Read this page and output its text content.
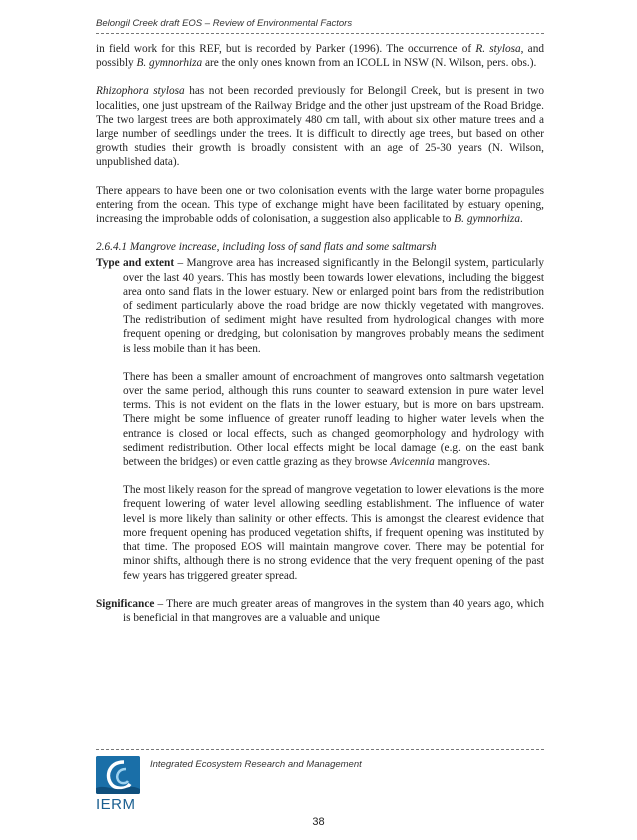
Belongil Creek draft EOS – Review of Environmental Factors

in field work for this REF, but is recorded by Parker (1996). The occurrence of R. stylosa, and possibly B. gymnorhiza are the only ones known from an ICOLL in NSW (N. Wilson, pers. obs.).

Rhizophora stylosa has not been recorded previously for Belongil Creek, but is present in two localities, one just upstream of the Railway Bridge and the other just upstream of the Road Bridge. The two largest trees are both approximately 480 cm tall, with about six other mature trees and a large number of seedlings under the trees. It is difficult to directly age trees, but based on other growth studies their growth is broadly consistent with an age of 25-30 years (N. Wilson, unpublished data).

There appears to have been one or two colonisation events with the large water borne propagules entering from the ocean. This type of exchange might have been facilitated by estuary opening, increasing the improbable odds of colonisation, a suggestion also applicable to B. gymnorhiza.

2.6.4.1 Mangrove increase, including loss of sand flats and some saltmarsh

Type and extent – Mangrove area has increased significantly in the Belongil system, particularly over the last 40 years. This has mostly been towards lower elevations, including the biggest area onto sand flats in the lower estuary. New or enlarged point bars from the redistribution of sediment particularly above the road bridge are now thickly vegetated with mangroves. The redistribution of sediment might have resulted from hydrological changes with more frequent opening or dredging, but colonisation by mangroves probably means the sediment is less mobile than it has been.

There has been a smaller amount of encroachment of mangroves onto saltmarsh vegetation over the same period, although this runs counter to seaward extension in pure water level terms. This is not evident on the flats in the lower estuary, but is more on bars upstream. There might be some influence of greater runoff leading to higher water levels when the entrance is closed or local effects, such as changed geomorphology and hydrology with sediment redistribution. Other local effects might be local damage (e.g. on the east bank between the bridges) or even cattle grazing as they browse Avicennia mangroves.

The most likely reason for the spread of mangrove vegetation to lower elevations is the more frequent lowering of water level allowing seedling establishment. The influence of water level is more likely than salinity or other effects. This is amongst the clearest evidence that more frequent opening has produced vegetation shifts, if frequent opening was instituted by that time. The proposed EOS will maintain mangrove cover. There may be potential for minor shifts, although there is no strong evidence that the very frequent opening of the past few years has triggered greater spread.

Significance – There are much greater areas of mangroves in the system than 40 years ago, which is beneficial in that mangroves are a valuable and unique

IERM
Integrated Ecosystem Research and Management
38
